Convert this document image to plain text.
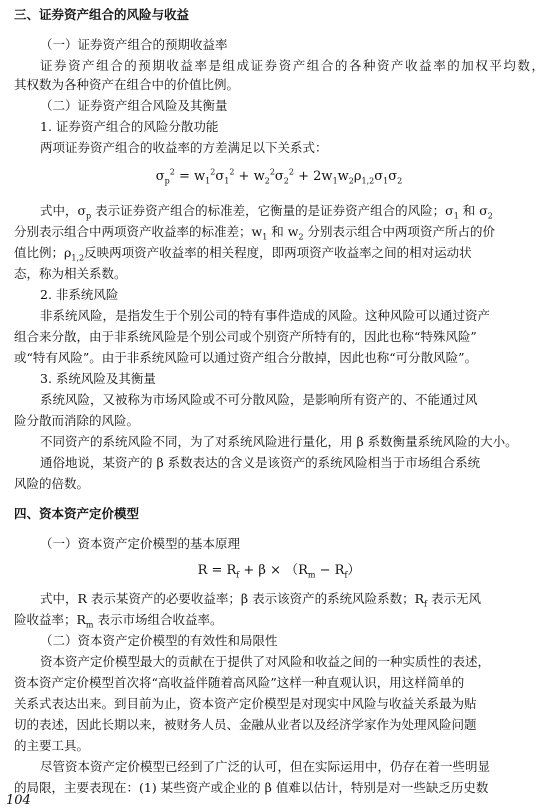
三、证券资产组合的风险与收益
（一）证券资产组合的预期收益率
证券资产组合的预期收益率是组成证券资产组合的各种资产收益率的加权平均数，
其权数为各种资产在组合中的价值比例。
（二）证券资产组合风险及其衡量
1. 证券资产组合的风险分散功能
两项证券资产组合的收益率的方差满足以下关系式：
$\sigma_p^2 = w_1^2\sigma_1^2 + w_2^2\sigma_2^2 + 2w_1w_2\rho_{1,2}\sigma_1\sigma_2$
式中，$\sigma_p$ 表示证券资产组合的标准差，它衡量的是证券资产组合的风险；$\sigma_1$ 和 $\sigma_2$
分别表示组合中两项资产收益率的标准差；$w_1$ 和 $w_2$ 分别表示组合中两项资产所占的价
值比例；$\rho_{1,2}$反映两项资产收益率的相关程度，即两项资产收益率之间的相对运动状
态，称为相关系数。
2. 非系统风险
非系统风险，是指发生于个别公司的特有事件造成的风险。这种风险可以通过资产
组合来分散，由于非系统风险是个别公司或个别资产所特有的，因此也称“特殊风险”
或“特有风险”。由于非系统风险可以通过资产组合分散掉，因此也称“可分散风险”。
3. 系统风险及其衡量
系统风险，又被称为市场风险或不可分散风险，是影响所有资产的、不能通过风
险分散而消除的风险。
不同资产的系统风险不同，为了对系统风险进行量化，用 β 系数衡量系统风险的大小。
通俗地说，某资产的 β 系数表达的含义是该资产的系统风险相当于市场组合系统
风险的倍数。
四、资本资产定价模型
（一）资本资产定价模型的基本原理
$R = R_f + \beta \times (R_m - R_f)$
式中，R 表示某资产的必要收益率；β 表示该资产的系统风险系数；$R_f$ 表示无风
险收益率；$R_m$ 表示市场组合收益率。
（二）资本资产定价模型的有效性和局限性
资本资产定价模型最大的贡献在于提供了对风险和收益之间的一种实质性的表述，
资本资产定价模型首次将“高收益伴随着高风险”这样一种直观认识，用这样简单的
关系式表达出来。到目前为止，资本资产定价模型是对现实中风险与收益关系最为贴
切的表述，因此长期以来，被财务人员、金融从业者以及经济学家作为处理风险问题
的主要工具。
尽管资本资产定价模型已经到了广泛的认可，但在实际运用中，仍存在着一些明显
的局限，主要表现在：(1) 某些资产或企业的 β 值难以估计，特别是对一些缺乏历史数
104
